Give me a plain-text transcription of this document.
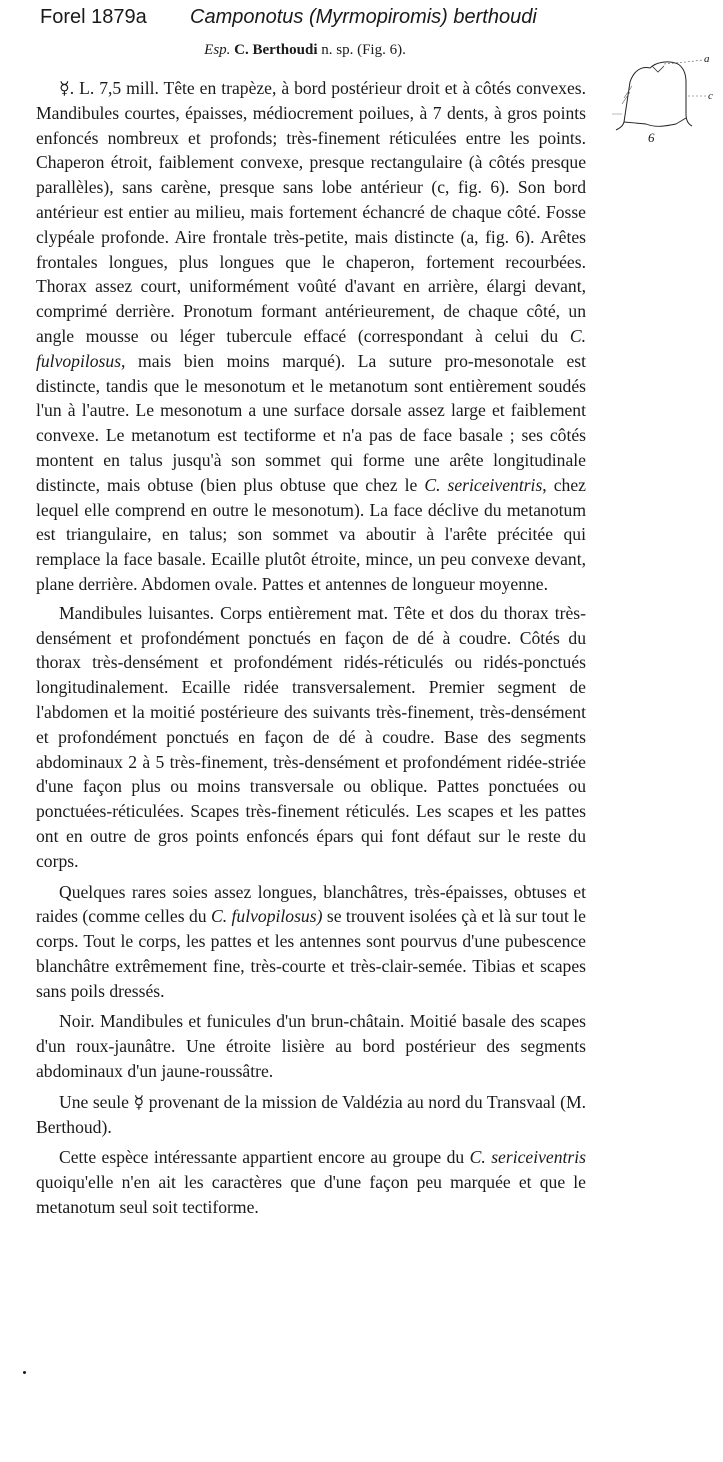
Forel 1879a Camponotus (Myrmopiromis) berthoudi
Esp. C. Berthoudi n. sp. (Fig. 6).
a
c
6

☿. L. 7,5 mill. Tête en trapèze, à bord postérieur droit et à côtés convexes. Mandibules courtes, épaisses, médiocrement poilues, à 7 dents, à gros points enfoncés nombreux et profonds; très-finement réticulées entre les points. Chaperon étroit, faiblement convexe, presque rectangulaire (à côtés presque parallèles), sans carène, presque sans lobe antérieur (c, fig. 6). Son bord antérieur est entier au milieu, mais fortement échancré de chaque côté. Fosse clypéale profonde. Aire frontale très-petite, mais distincte (a, fig. 6). Arêtes frontales longues, plus longues que le chaperon, fortement recourbées. Thorax assez court, uniformément voûté d'avant en arrière, élargi devant, comprimé derrière. Pronotum formant antérieurement, de chaque côté, un angle mousse ou léger tubercule effacé (correspondant à celui du C. fulvopilosus, mais bien moins marqué). La suture pro-mesonotale est distincte, tandis que le mesonotum et le metanotum sont entièrement soudés l'un à l'autre. Le mesonotum a une surface dorsale assez large et faiblement convexe. Le metanotum est tectiforme et n'a pas de face basale ; ses côtés montent en talus jusqu'à son sommet qui forme une arête longitudinale distincte, mais obtuse (bien plus obtuse que chez le C. sericeiventris, chez lequel elle comprend en outre le mesonotum). La face déclive du metanotum est triangulaire, en talus; son sommet va aboutir à l'arête précitée qui remplace la face basale. Ecaille plutôt étroite, mince, un peu convexe devant, plane derrière. Abdomen ovale. Pattes et antennes de longueur moyenne.

Mandibules luisantes. Corps entièrement mat. Tête et dos du thorax très-densément et profondément ponctués en façon de dé à coudre. Côtés du thorax très-densément et profondément ridés-réticulés ou ridés-ponctués longitudinalement. Ecaille ridée transversalement. Premier segment de l'abdomen et la moitié postérieure des suivants très-finement, très-densément et profondément ponctués en façon de dé à coudre. Base des segments abdominaux 2 à 5 très-finement, très-densément et profondément ridée-striée d'une façon plus ou moins transversale ou oblique. Pattes ponctuées ou ponctuées-réticulées. Scapes très-finement réticulés. Les scapes et les pattes ont en outre de gros points enfoncés épars qui font défaut sur le reste du corps.

Quelques rares soies assez longues, blanchâtres, très-épaisses, obtuses et raides (comme celles du C. fulvopilosus) se trouvent isolées çà et là sur tout le corps. Tout le corps, les pattes et les antennes sont pourvus d'une pubescence blanchâtre extrêmement fine, très-courte et très-clair-semée. Tibias et scapes sans poils dressés.

Noir. Mandibules et funicules d'un brun-châtain. Moitié basale des scapes d'un roux-jaunâtre. Une étroite lisière au bord postérieur des segments abdominaux d'un jaune-roussâtre.

Une seule ☿ provenant de la mission de Valdézia au nord du Transvaal (M. Berthoud).

Cette espèce intéressante appartient encore au groupe du C. sericeiventris quoiqu'elle n'en ait les caractères que d'une façon peu marquée et que le metanotum seul soit tectiforme.
